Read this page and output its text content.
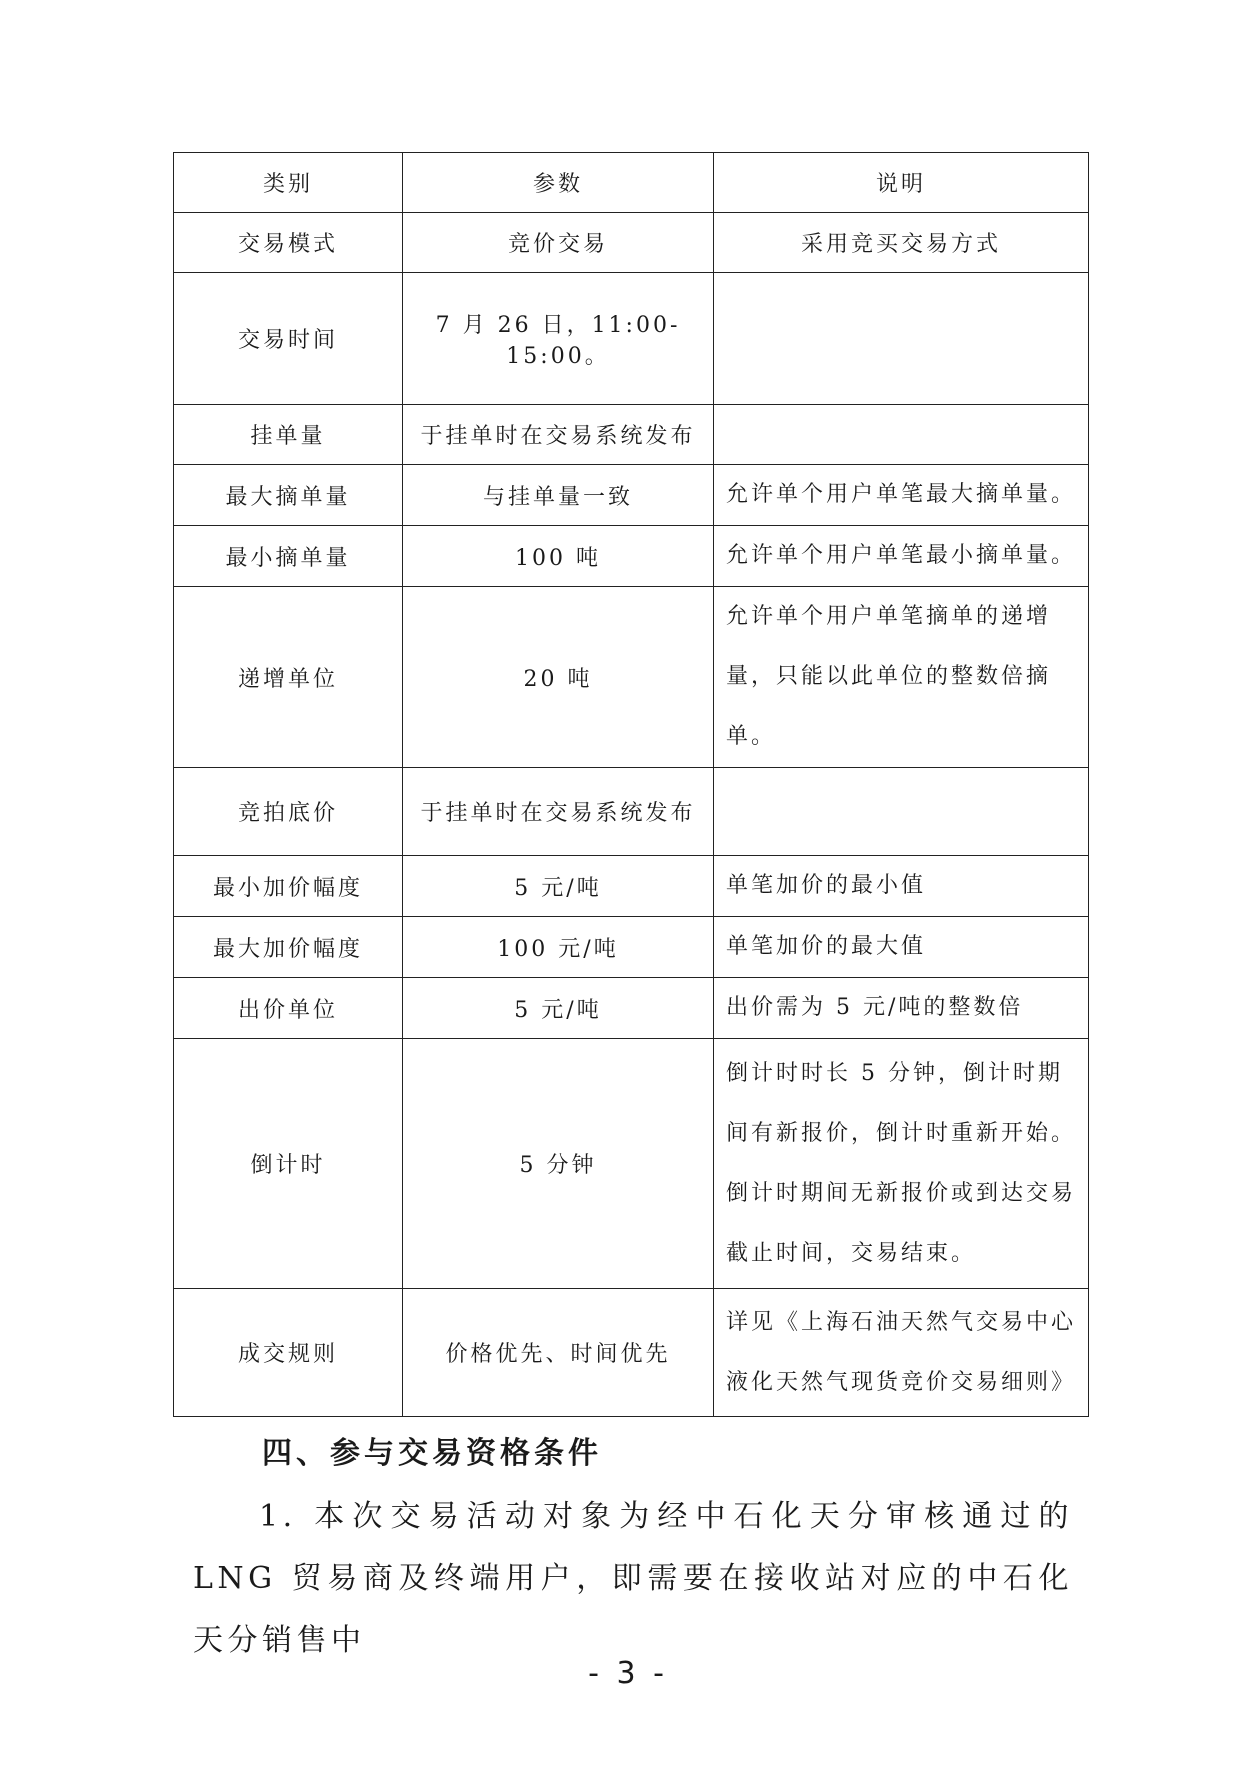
类别	参数	说明
交易模式	竞价交易	采用竞买交易方式
交易时间	7 月 26 日，11:00-15:00。	
挂单量	于挂单时在交易系统发布	
最大摘单量	与挂单量一致	允许单个用户单笔最大摘单量。
最小摘单量	100 吨	允许单个用户单笔最小摘单量。
递增单位	20 吨	允许单个用户单笔摘单的递增量，只能以此单位的整数倍摘单。
竞拍底价	于挂单时在交易系统发布	
最小加价幅度	5 元/吨	单笔加价的最小值
最大加价幅度	100 元/吨	单笔加价的最大值
出价单位	5 元/吨	出价需为 5 元/吨的整数倍
倒计时	5 分钟	倒计时时长 5 分钟，倒计时期间有新报价，倒计时重新开始。倒计时期间无新报价或到达交易截止时间，交易结束。
成交规则	价格优先、时间优先	详见《上海石油天然气交易中心液化天然气现货竞价交易细则》
四、参与交易资格条件
1. 本次交易活动对象为经中石化天分审核通过的 LNG 贸易商及终端用户，即需要在接收站对应的中石化天分销售中
- 3 -
